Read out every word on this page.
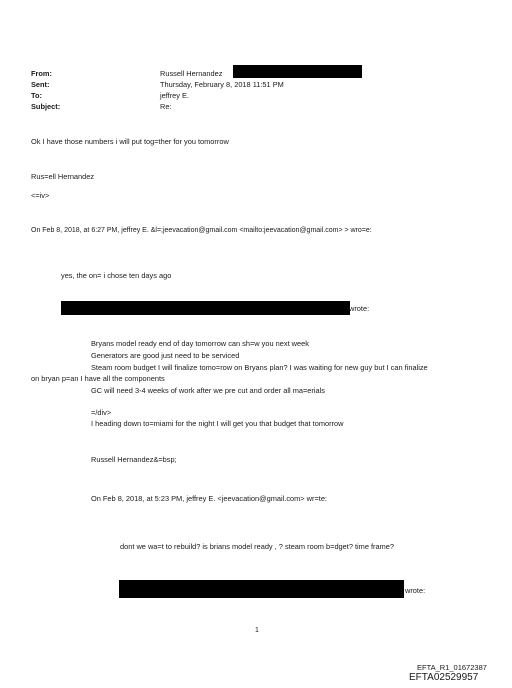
From:
Sent:
To:
Subject:
Russell Hernandez
Thursday, February 8, 2018 11:51 PM
jeffrey E.
Re:
Ok I have those numbers i will put tog=ther for you tomorrow
Rus=ell Hernandez
<=iv>
On Feb 8, 2018, at 6:27 PM, jeffrey E. &l=;jeevacation@gmail.com <mailto:jeevacation@gmail.com> > wro=e:
yes, the on= i chose ten days ago
wrote:
Bryans model ready end of day tomorrow can sh=w you next week
Generators are good just need to be serviced
Steam room budget I will finalize tomo=row on Bryans plan? I was waiting for new guy but I can finalize
on bryan p=an I have all the components
GC will need 3-4 weeks of work after we pre cut and order all ma=erials
=/div>
I heading down to=miami for the night I will get you that budget that tomorrow
Russell Hernandez&=bsp;
On Feb 8, 2018, at 5:23 PM, jeffrey E. <jeevacation@gmail.com> wr=te:
dont we wa=t to rebuild? is brians model ready , ? steam room b=dget? time frame?
wrote:
1
EFTA_R1_01672387
EFTA02529957
